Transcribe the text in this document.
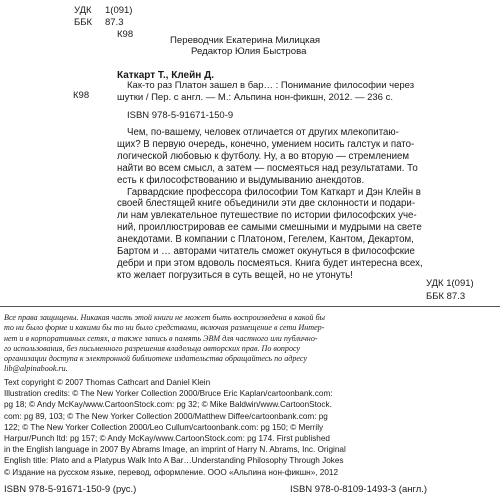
УДК 1(091)
ББК 87.3
К98
Переводчик Екатерина Милицкая
Редактор Юлия Быстрова
Каткарт Т., Клейн Д.
К98
Как-то раз Платон зашел в бар… : Понимание философии через
шутки / Пер. с англ. — М.: Альпина нон-фикшн, 2012. — 236 с.
ISBN 978-5-91671-150-9
Чем, по-вашему, человек отличается от других млекопитаю-
щих? В первую очередь, конечно, умением носить галстук и пато-
логической любовью к футболу. Ну, а во вторую — стремлением
найти во всем смысл, а затем — посмеяться над результатами. То
есть к философствованию и выдумыванию анекдотов.
Гарвардские профессора философии Том Каткарт и Дэн Клейн в
своей блестящей книге объединили эти две склонности и подари-
ли нам увлекательное путешествие по истории философских уче-
ний, проиллюстрировав ее самыми смешными и мудрыми на свете
анекдотами. В компании с Платоном, Гегелем, Кантом, Декартом,
Бартом и … авторами читатель сможет окунуться в философские
дебри и при этом вдоволь посмеяться. Книга будет интересна всех,
кто желает погрузиться в суть вещей, но не утонуть!
УДК 1(091)
ББК 87.3
Все права защищены. Никакая часть этой книги не может быть воспроизведена в какой бы
то ни было форме и какими бы то ни было средствами, включая размещение в сети Интер-
нет и в корпоративных сетях, а также запись в память ЭВМ для частного или публично-
го использования, без письменного разрешения владельца авторских прав. По вопросу
организации доступа к электронной библиотеке издательства обращайтесь по адресу
lib@alpinabook.ru.
Text copyright © 2007 Thomas Cathcart and Daniel Klein
Illustration credits: © The New Yorker Collection 2000/Bruce Eric Kaplan/cartoonbank.com:
pg 18; © Andy McKay/www.CartoonStock.com: pg 32; © Mike Baldwin/www.CartoonStock.
com: pg 89, 103; © The New Yorker Collection 2000/Matthew Diffee/cartoonbank.com: pg
122; © The New Yorker Collection 2000/Leo Cullum/cartoonbank.com: pg 150; © Merrily
Harpur/Punch ltd: pg 157; © Andy McKay/www.CartoonStock.com: pg 174. First published
in the English language in 2007 By Abrams Image, an imprint of Harry N. Abrams, Inc. Original
English title: Plato and a Platypus Walk Into A Bar…Understanding Philosophy Through Jokes
© Издание на русском языке, перевод, оформление. ООО «Альпина нон-фикшн», 2012
ISBN 978-5-91671-150-9 (рус.)	ISBN 978-0-8109-1493-3 (англ.)
